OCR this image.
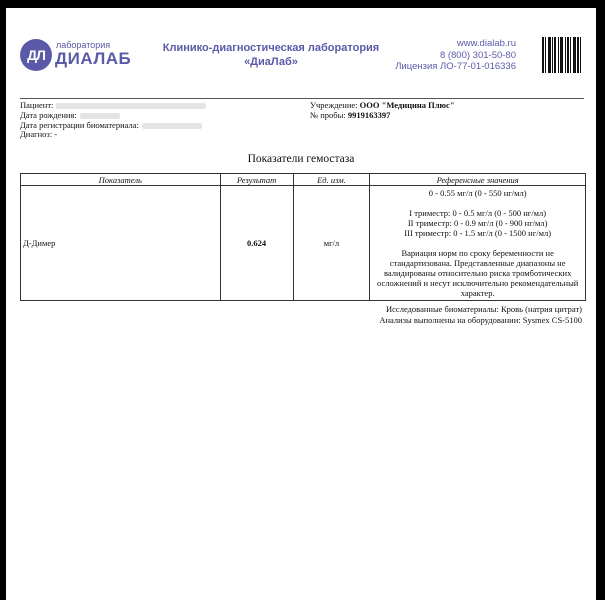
ДЛ
лаборатория
ДИАЛАБ
Клинико-диагностическая лаборатория
«ДиаЛаб»
www.dialab.ru
8 (800) 301-50-80
Лицензия ЛО-77-01-016336
Пациент:
Дата рождения:
Дата регистрации биоматериала:
Диагноз: -
Учреждение: ООО "Медицина Плюс"
№ пробы: 9919163397
Показатели гемостаза
Показатель	Результат	Ед. изм.	Референсные значения
Д-Димер	0.624	мг/л	0 - 0.55 мг/л (0 - 550 нг/мл)
I триместр: 0 - 0.5 мг/л (0 - 500 нг/мл)
II триместр: 0 - 0.9 мг/л (0 - 900 нг/мл)
III триместр: 0 - 1.5 мг/л (0 - 1500 нг/мл)
Вариация норм по сроку беременности не стандартизована. Представленные диапазоны не валидированы относительно риска тромботических осложнений и несут исключительно рекомендательный характер.
Исследованные биоматериалы: Кровь (натрия цитрат)
Анализы выполнены на оборудовании: Sysmex CS-5100
